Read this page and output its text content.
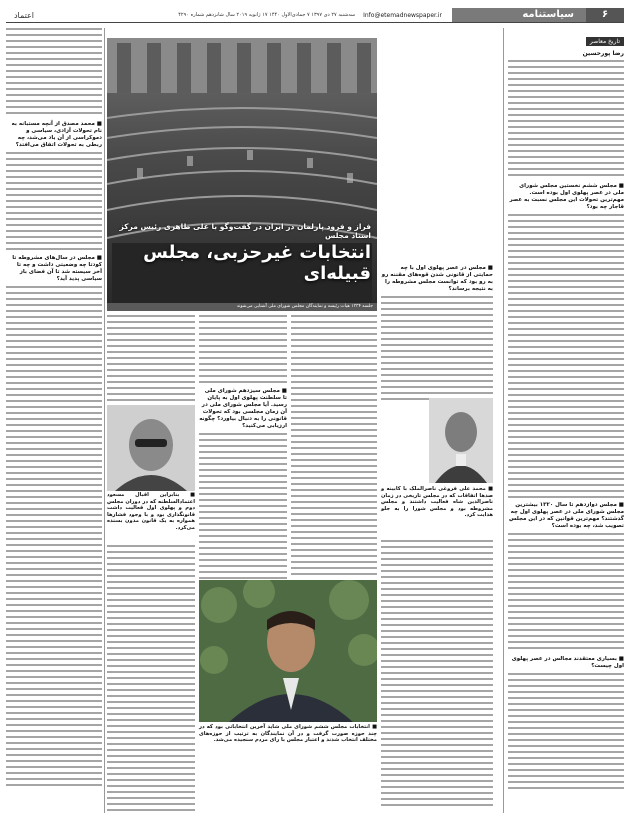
۶
سیاستنامه
Info@etemadnewspaper.ir
سه‌شنبه ۲۷ دی ۱۳۹۷ ۷ جمادی‌الاول ۱۴۴۰ ۱۷ ژانویه ۲۰۱۹ سال شانزدهم شماره ۴۲۹۰
اعتماد
تاریخ معاصر
رضا پورحسین
■ مجلس ششم نخستین مجلس شورای ملی در عصر پهلوی اول بوده است. مهم‌ترین تحولات این مجلس نسبت به عصر قاجار چه بود؟
■ مجلس دوازدهم تا سال ۱۳۲۰ بیشترین مجلس شورای ملی در عصر پهلوی اول چه گذشتند؟ مهم‌ترین قوانین که در این مجلس تصویب شد، چه بوده است؟
■ بسیاری معتقدند مجالس در عصر پهلوی اول چیست؟
■ محمد مصدق از آنچه مستبانه به نام تحولات آزادی، سیاسی و دموکراسی از آن یاد می‌شد، چه ربطی به تحولات اتفاق می‌افتد؟
■ مجلس در سال‌های مشروطه تا کودتا چه وضعیتی داشت و چه تا آخر سیسته شد تا آن فضای باز سیاسی پدید آید؟
فراز و فرود پارلمان در ایران در گفت‌وگو با علی طاهری رئیس مرکز اسناد مجلس
انتخابات غیرحزبی، مجلس قبیله‌ای
جلسه ۱۳۳۴ هیات رئیسه و نمایندگان مجلس شورای ملی آشنایی می‌شوند
■ مجلس سیزدهم شورای ملی تا سلطنت پهلوی اول به پایان رسید. آیا مجلس شورای ملی در آن زمان مجلسی بود که تحولات قانونی را به دنبال بیاورد؟ چگونه ارزیابی می‌کنید؟
■ مجلس در عصر پهلوی اول با چه حمایتی از قانونی شدن قوه‌های مقننه رو به رو بود که توانست مجلس مشروطه را به نتیجه برساند؟
■ محمد علی فروغی ناصرالملک با کابینه و صدها اتفاقات که در مجلس تاریخی در زمان ناصرالدین شاه فعالیت داشتند و مجلس مشروطه بود و مجلس شورا را به جلو هدایت کرد.
■ بنابراین اقبال مسعود اعتمادالسلطنه که در دوران مجلس دوم و پهلوی اول فعالیت داشت قانونگذاری بود و با وجود فشارها همواره به یک قانون مدون بسنده می‌کرد.
■ انتخابات مجلس ششم شورای ملی شاید آخرین انتخاباتی بود که در چند حوزه صورت گرفت و در آن نمایندگان به ترتیب از حوزه‌های مختلف انتخاب شدند و اعتبار مجلس با رای مردم سنجیده می‌شد.
